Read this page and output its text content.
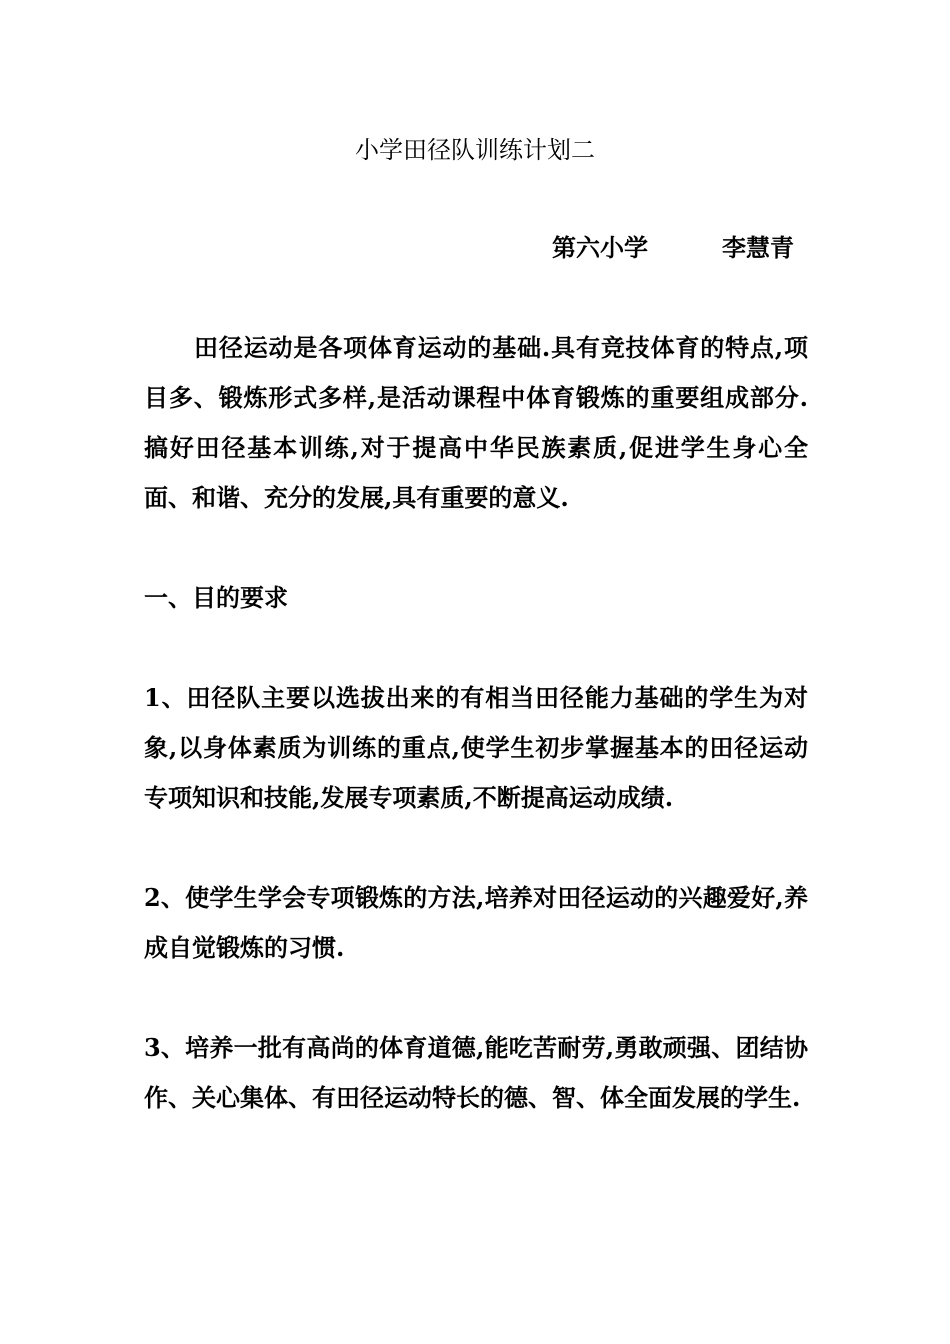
小学田径队训练计划二
第六小学	李慧青

田径运动是各项体育运动的基础.具有竞技体育的特点,项目多、锻炼形式多样,是活动课程中体育锻炼的重要组成部分.搞好田径基本训练,对于提高中华民族素质,促进学生身心全面、和谐、充分的发展,具有重要的意义.

一、目的要求

1、田径队主要以选拔出来的有相当田径能力基础的学生为对象,以身体素质为训练的重点,使学生初步掌握基本的田径运动专项知识和技能,发展专项素质,不断提高运动成绩.

2、使学生学会专项锻炼的方法,培养对田径运动的兴趣爱好,养成自觉锻炼的习惯.

3、培养一批有高尚的体育道德,能吃苦耐劳,勇敢顽强、团结协作、关心集体、有田径运动特长的德、智、体全面发展的学生.
